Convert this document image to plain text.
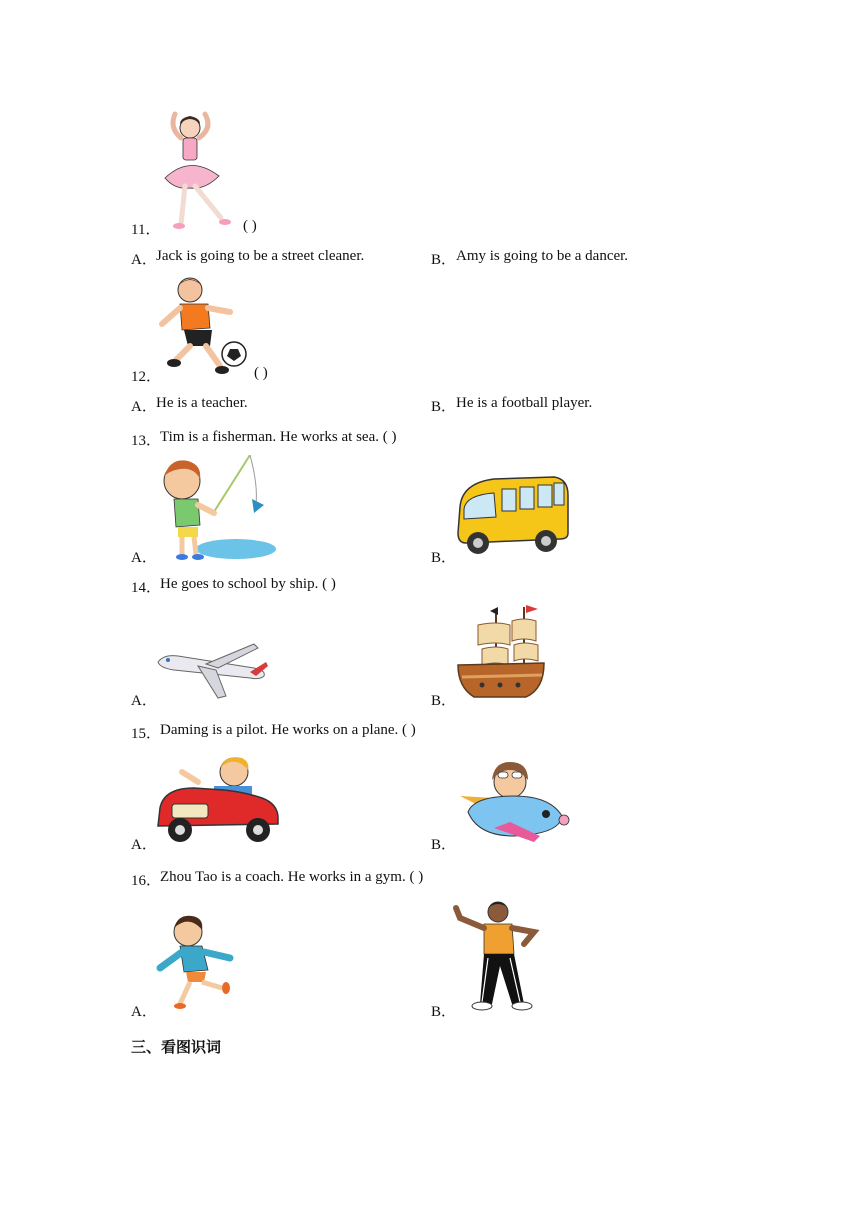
11．	( )
A． Jack is going to be a street cleaner.	B． Amy is going to be a dancer.
12．	( )
A． He is a teacher.	B． He is a football player.
13．
Tim is a fisherman. He works at sea. ( )
A．	B．
14．
He goes to school by ship. ( )
A．	B．
15．
Daming is a pilot. He works on a plane. ( )
A．	B．
16．
Zhou Tao is a coach. He works in a gym. ( )
A．	B．
三、看图识词
